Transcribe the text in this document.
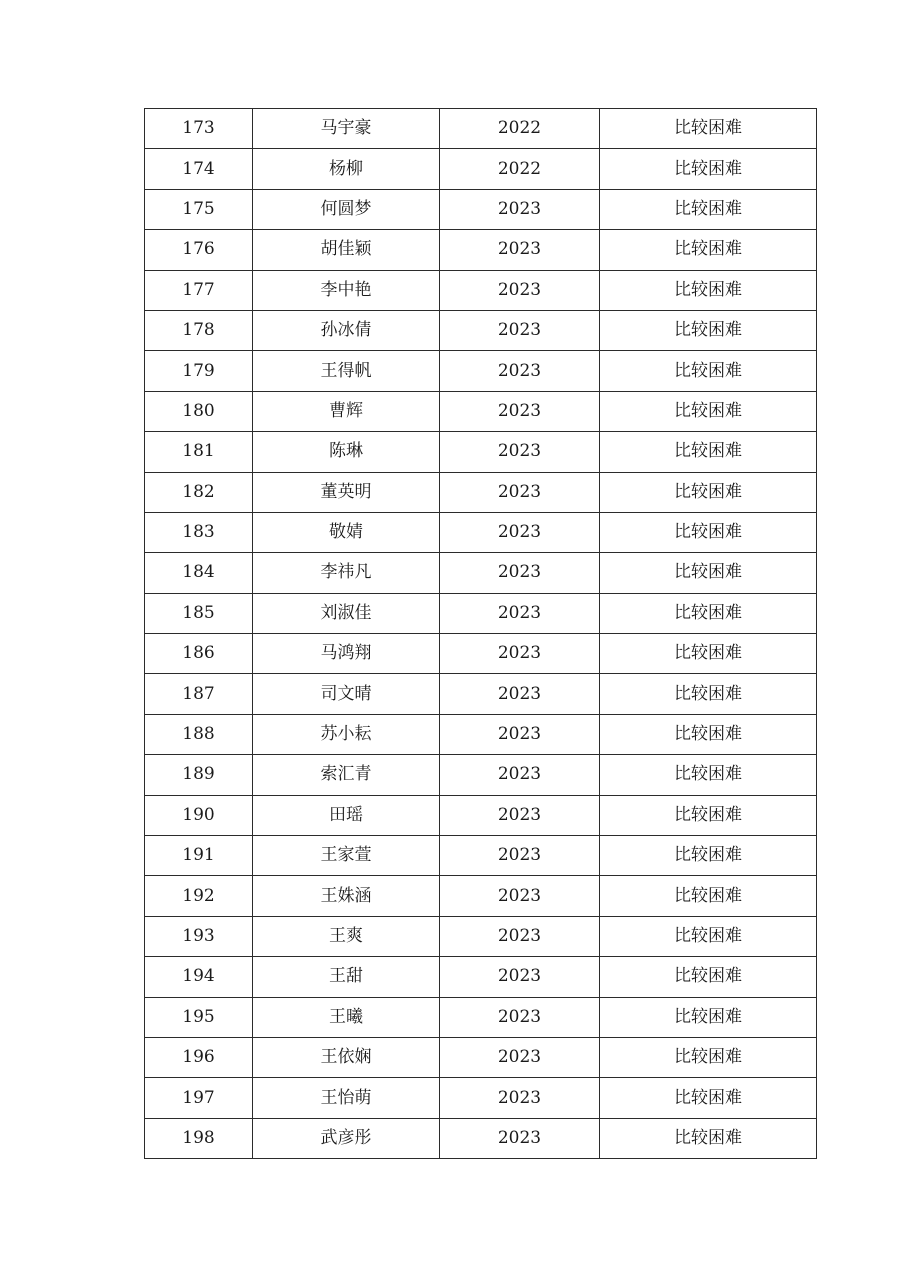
173	马宇豪	2022	比较困难
174	杨柳	2022	比较困难
175	何圆梦	2023	比较困难
176	胡佳颖	2023	比较困难
177	李中艳	2023	比较困难
178	孙冰倩	2023	比较困难
179	王得帆	2023	比较困难
180	曹辉	2023	比较困难
181	陈琳	2023	比较困难
182	董英明	2023	比较困难
183	敬婧	2023	比较困难
184	李祎凡	2023	比较困难
185	刘淑佳	2023	比较困难
186	马鸿翔	2023	比较困难
187	司文晴	2023	比较困难
188	苏小耘	2023	比较困难
189	索汇青	2023	比较困难
190	田瑶	2023	比较困难
191	王家萱	2023	比较困难
192	王姝涵	2023	比较困难
193	王爽	2023	比较困难
194	王甜	2023	比较困难
195	王曦	2023	比较困难
196	王依娴	2023	比较困难
197	王怡萌	2023	比较困难
198	武彦彤	2023	比较困难
